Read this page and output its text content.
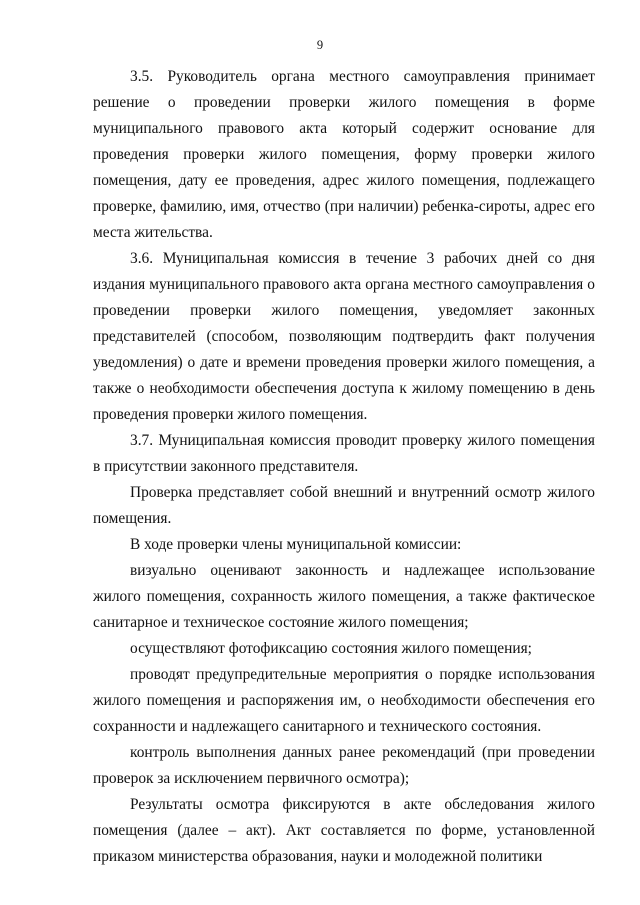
9

3.5. Руководитель органа местного самоуправления принимает решение о проведении проверки жилого помещения в форме муниципального правового акта который содержит основание для проведения проверки жилого помещения, форму проверки жилого помещения, дату ее проведения, адрес жилого помещения, подлежащего проверке, фамилию, имя, отчество (при наличии) ребенка-сироты, адрес его места жительства.

3.6. Муниципальная комиссия в течение 3 рабочих дней со дня издания муниципального правового акта органа местного самоуправления о проведении проверки жилого помещения, уведомляет законных представителей (способом, позволяющим подтвердить факт получения уведомления) о дате и времени проведения проверки жилого помещения, а также о необходимости обеспечения доступа к жилому помещению в день проведения проверки жилого помещения.

3.7. Муниципальная комиссия проводит проверку жилого помещения в присутствии законного представителя.

Проверка представляет собой внешний и внутренний осмотр жилого помещения.

В ходе проверки члены муниципальной комиссии:

визуально оценивают законность и надлежащее использование жилого помещения, сохранность жилого помещения, а также фактическое санитарное и техническое состояние жилого помещения;

осуществляют фотофиксацию состояния жилого помещения;

проводят предупредительные мероприятия о порядке использования жилого помещения и распоряжения им, о необходимости обеспечения его сохранности и надлежащего санитарного и технического состояния.

контроль выполнения данных ранее рекомендаций (при проведении проверок за исключением первичного осмотра);

Результаты осмотра фиксируются в акте обследования жилого помещения (далее – акт). Акт составляется по форме, установленной приказом министерства образования, науки и молодежной политики
